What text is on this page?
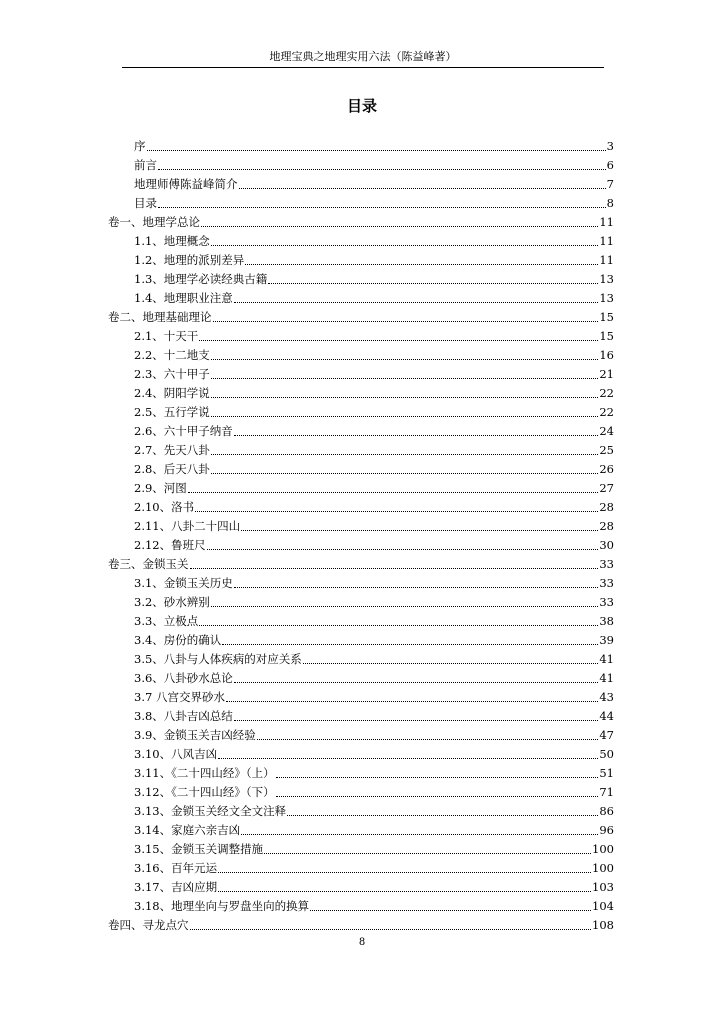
地理宝典之地理实用六法（陈益峰著）
目录
序	3
前言	6
地理师傅陈益峰简介	7
目录	8
卷一、地理学总论	11
1.1、地理概念	11
1.2、地理的派别差异	11
1.3、地理学必读经典古籍	13
1.4、地理职业注意	13
卷二、地理基础理论	15
2.1、十天干	15
2.2、十二地支	16
2.3、六十甲子	21
2.4、阴阳学说	22
2.5、五行学说	22
2.6、六十甲子纳音	24
2.7、先天八卦	25
2.8、后天八卦	26
2.9、河图	27
2.10、洛书	28
2.11、八卦二十四山	28
2.12、鲁班尺	30
卷三、金锁玉关	33
3.1、金锁玉关历史	33
3.2、砂水辨别	33
3.3、立极点	38
3.4、房份的确认	39
3.5、八卦与人体疾病的对应关系	41
3.6、八卦砂水总论	41
3.7 八宫交界砂水	43
3.8、八卦吉凶总结	44
3.9、金锁玉关吉凶经验	47
3.10、八风吉凶	50
3.11、《二十四山经》（上）	51
3.12、《二十四山经》（下）	71
3.13、金锁玉关经文全文注释	86
3.14、家庭六亲吉凶	96
3.15、金锁玉关调整措施	100
3.16、百年元运	100
3.17、吉凶应期	103
3.18、地理坐向与罗盘坐向的换算	104
卷四、寻龙点穴	108
8
